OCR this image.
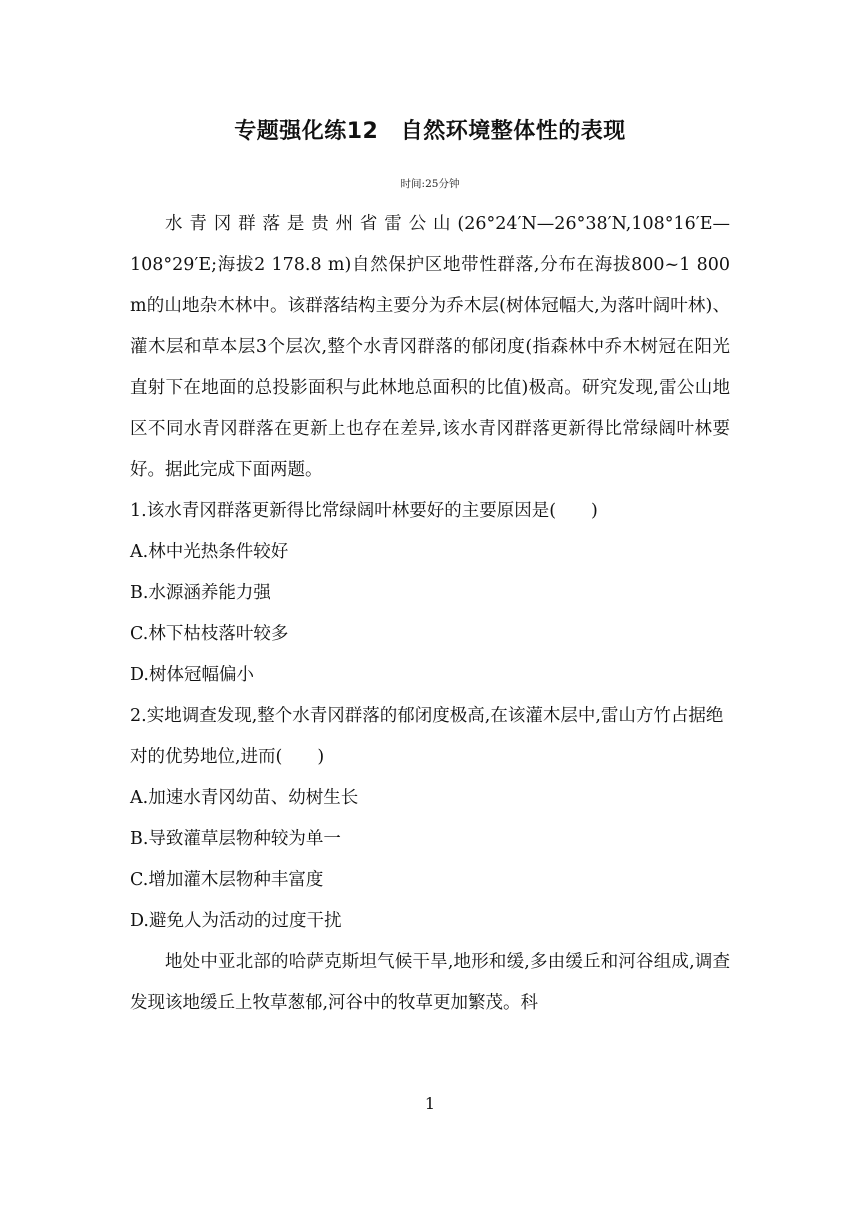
专题强化练12　自然环境整体性的表现
时间:25分钟

水青冈群落是贵州省雷公山(26°24′N—26°38′N,108°16′E—108°29′E;海拔2 178.8 m)自然保护区地带性群落,分布在海拔800~1 800 m的山地杂木林中。该群落结构主要分为乔木层(树体冠幅大,为落叶阔叶林)、灌木层和草本层3个层次,整个水青冈群落的郁闭度(指森林中乔木树冠在阳光直射下在地面的总投影面积与此林地总面积的比值)极高。研究发现,雷公山地区不同水青冈群落在更新上也存在差异,该水青冈群落更新得比常绿阔叶林要好。据此完成下面两题。

1.该水青冈群落更新得比常绿阔叶林要好的主要原因是(　　)

A.林中光热条件较好

B.水源涵养能力强

C.林下枯枝落叶较多

D.树体冠幅偏小

2.实地调查发现,整个水青冈群落的郁闭度极高,在该灌木层中,雷山方竹占据绝对的优势地位,进而(　　)

A.加速水青冈幼苗、幼树生长

B.导致灌草层物种较为单一

C.增加灌木层物种丰富度

D.避免人为活动的过度干扰

地处中亚北部的哈萨克斯坦气候干旱,地形和缓,多由缓丘和河谷组成,调查发现该地缓丘上牧草葱郁,河谷中的牧草更加繁茂。科

1
